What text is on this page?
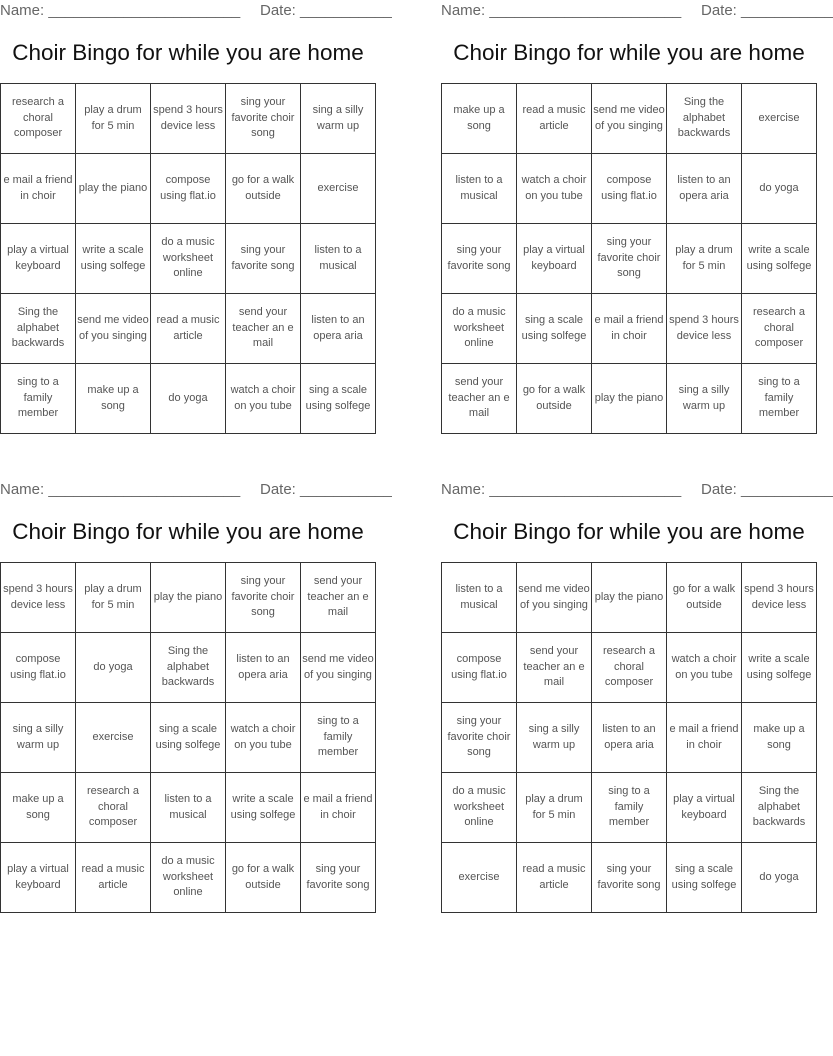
Name: _______________________ Date: ___________
Choir Bingo for while you are home
research a choral composer	play a drum for 5 min	spend 3 hours device less	sing your favorite choir song	sing a silly warm up
e mail a friend in choir	play the piano	compose using flat.io	go for a walk outside	exercise
play a virtual keyboard	write a scale using solfege	do a music worksheet online	sing your favorite song	listen to a musical
Sing the alphabet backwards	send me video of you singing	read a music article	send your teacher an e mail	listen to an opera aria
sing to a family member	make up a song	do yoga	watch a choir on you tube	sing a scale using solfege
Name: _______________________ Date: ___________
Choir Bingo for while you are home
make up a song	read a music article	send me video of you singing	Sing the alphabet backwards	exercise
listen to a musical	watch a choir on you tube	compose using flat.io	listen to an opera aria	do yoga
sing your favorite song	play a virtual keyboard	sing your favorite choir song	play a drum for 5 min	write a scale using solfege
do a music worksheet online	sing a scale using solfege	e mail a friend in choir	spend 3 hours device less	research a choral composer
send your teacher an e mail	go for a walk outside	play the piano	sing a silly warm up	sing to a family member
Name: _______________________ Date: ___________
Choir Bingo for while you are home
spend 3 hours device less	play a drum for 5 min	play the piano	sing your favorite choir song	send your teacher an e mail
compose using flat.io	do yoga	Sing the alphabet backwards	listen to an opera aria	send me video of you singing
sing a silly warm up	exercise	sing a scale using solfege	watch a choir on you tube	sing to a family member
make up a song	research a choral composer	listen to a musical	write a scale using solfege	e mail a friend in choir
play a virtual keyboard	read a music article	do a music worksheet online	go for a walk outside	sing your favorite song
Name: _______________________ Date: ___________
Choir Bingo for while you are home
listen to a musical	send me video of you singing	play the piano	go for a walk outside	spend 3 hours device less
compose using flat.io	send your teacher an e mail	research a choral composer	watch a choir on you tube	write a scale using solfege
sing your favorite choir song	sing a silly warm up	listen to an opera aria	e mail a friend in choir	make up a song
do a music worksheet online	play a drum for 5 min	sing to a family member	play a virtual keyboard	Sing the alphabet backwards
exercise	read a music article	sing your favorite song	sing a scale using solfege	do yoga
